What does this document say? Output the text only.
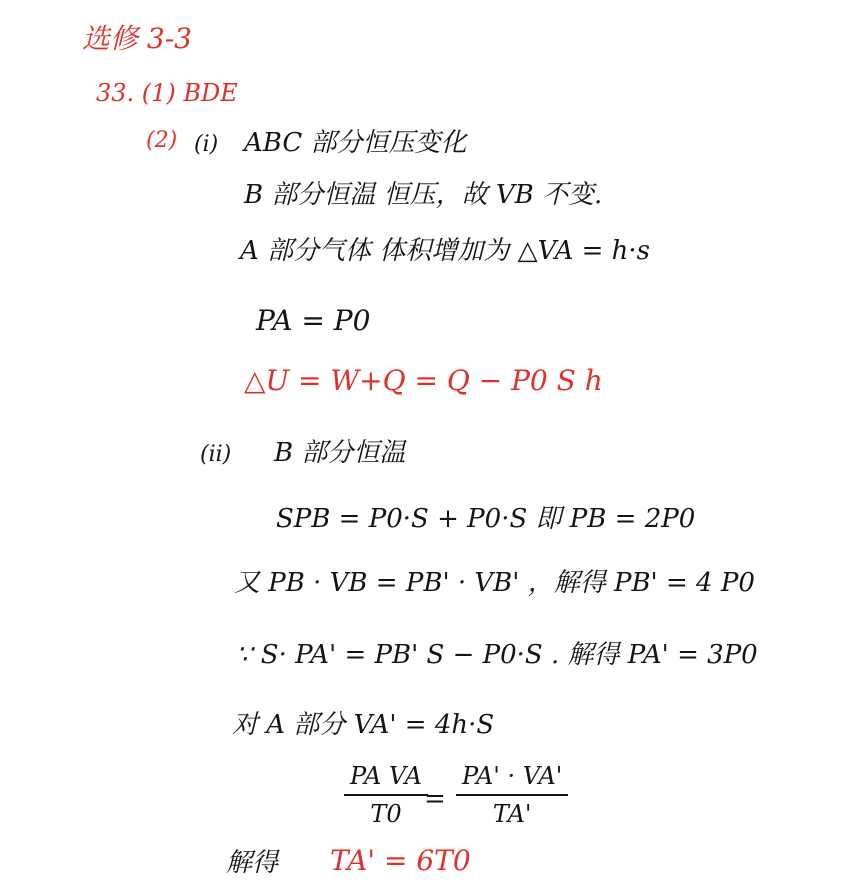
选修 3-3
33. (1) BDE
(2) (i) ABC 部分恒压变化
B 部分恒温 恒压，故 VB 不变.
A 部分气体 体积增加为 △VA = h·s
PA = P0
△U = W+Q = Q − P0 S h
(ii) B 部分恒温
SPB = P0·S + P0·S 即 PB = 2P0
又 PB · VB = PB' · VB' ，解得 PB' = 4 P0
∵ S· PA' = PB' S − P0·S . 解得 PA' = 3P0
对 A 部分 VA' = 4h·S
PA VA
T0 =
PA' · VA'
TA'
解得 TA' = 6T0
